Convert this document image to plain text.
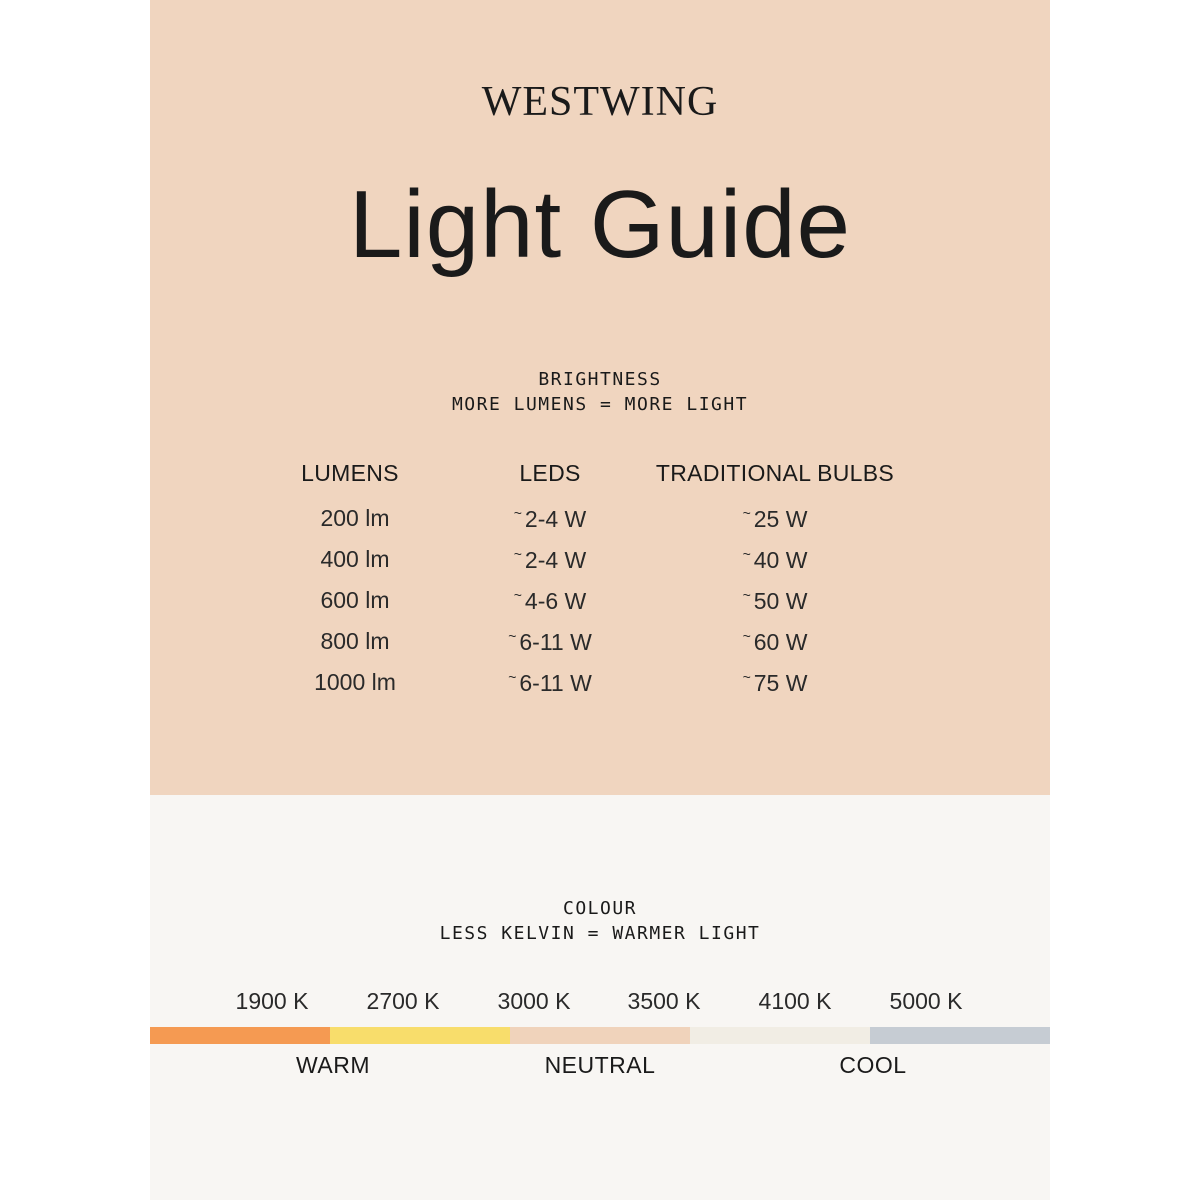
WESTWING
Light Guide
BRIGHTNESS
MORE LUMENS = MORE LIGHT
LUMENS	LEDS	TRADITIONAL BULBS
200 lm	~ 2-4 W	~ 25 W
400 lm	~ 2-4 W	~ 40 W
600 lm	~ 4-6 W	~ 50 W
800 lm	~ 6-11 W	~ 60 W
1000 lm	~ 6-11 W	~ 75 W
COLOUR
LESS KELVIN = WARMER LIGHT
1900 K	2700 K	3000 K	3500 K	4100 K	5000 K
WARM	NEUTRAL	COOL
